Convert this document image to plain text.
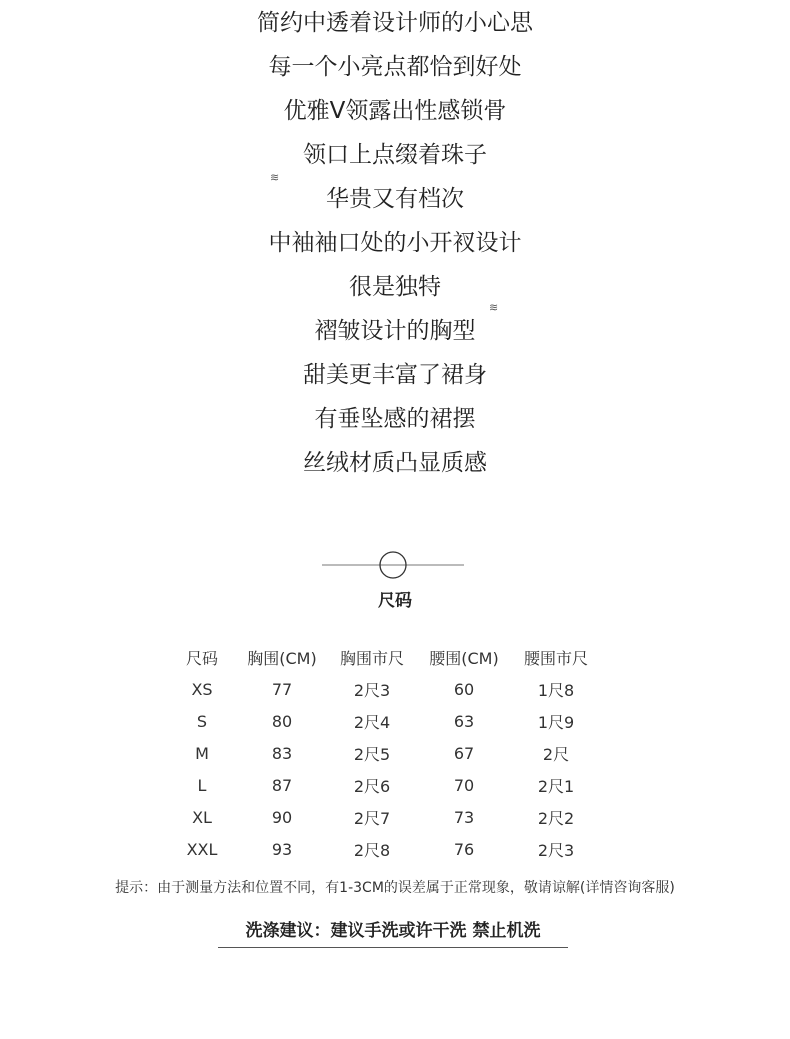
简约中透着设计师的小心思
每一个小亮点都恰到好处
优雅V领露出性感锁骨
领口上点缀着珠子
华贵又有档次
中袖袖口处的小开衩设计
很是独特
褶皱设计的胸型
甜美更丰富了裙身
有垂坠感的裙摆
丝绒材质凸显质感
≋
≋
尺码
尺码	胸围(CM)	胸围市尺	腰围(CM)	腰围市尺
XS	77	2尺3	60	1尺8
S	80	2尺4	63	1尺9
M	83	2尺5	67	2尺
L	87	2尺6	70	2尺1
XL	90	2尺7	73	2尺2
XXL	93	2尺8	76	2尺3
提示：由于测量方法和位置不同，有1-3CM的误差属于正常现象，敬请谅解(详情咨询客服)
洗涤建议：建议手洗或许干洗 禁止机洗
